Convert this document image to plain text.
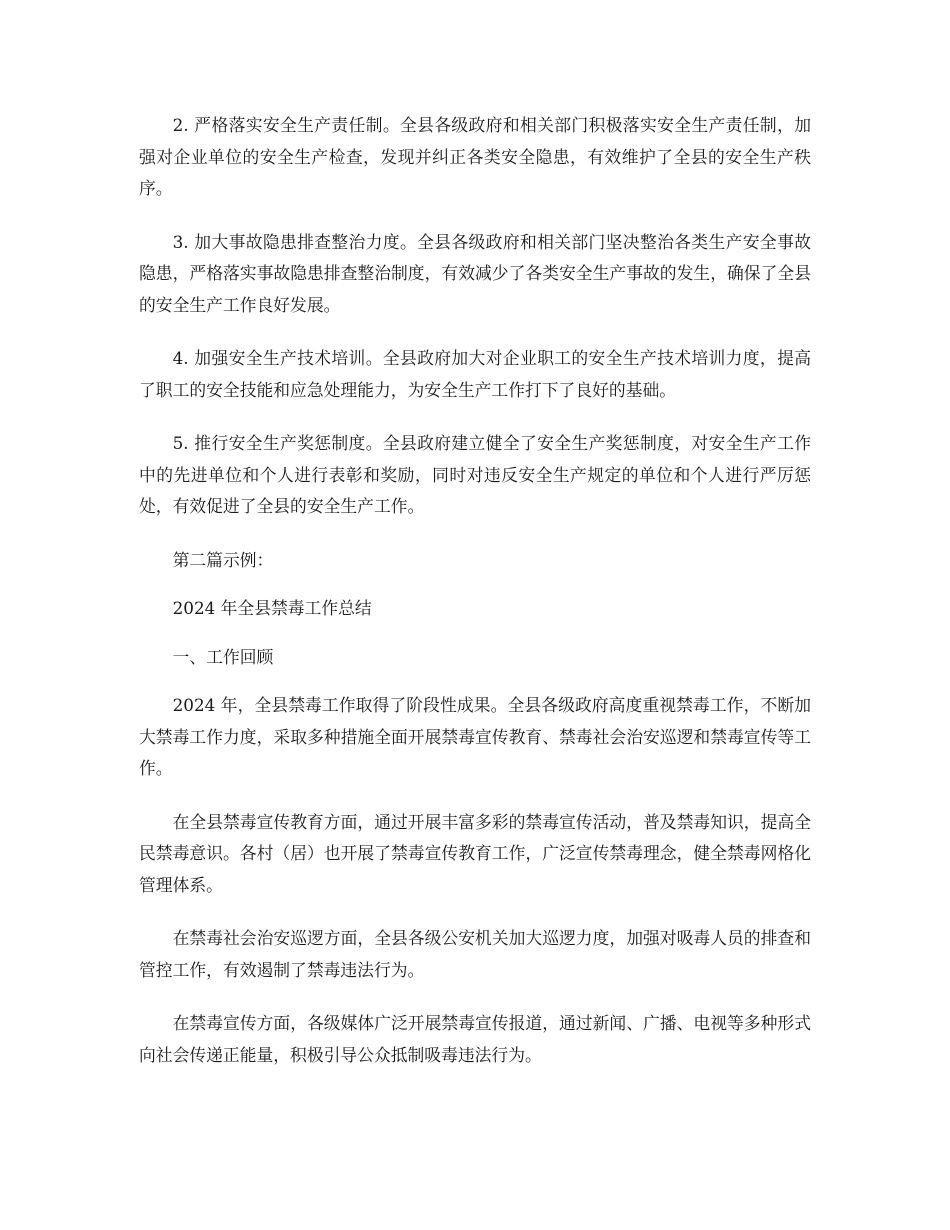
2. 严格落实安全生产责任制。全县各级政府和相关部门积极落实安全生产责任制，加强对企业单位的安全生产检查，发现并纠正各类安全隐患，有效维护了全县的安全生产秩序。

3. 加大事故隐患排查整治力度。全县各级政府和相关部门坚决整治各类生产安全事故隐患，严格落实事故隐患排查整治制度，有效减少了各类安全生产事故的发生，确保了全县的安全生产工作良好发展。

4. 加强安全生产技术培训。全县政府加大对企业职工的安全生产技术培训力度，提高了职工的安全技能和应急处理能力，为安全生产工作打下了良好的基础。

5. 推行安全生产奖惩制度。全县政府建立健全了安全生产奖惩制度，对安全生产工作中的先进单位和个人进行表彰和奖励，同时对违反安全生产规定的单位和个人进行严厉惩处，有效促进了全县的安全生产工作。

第二篇示例：

2024 年全县禁毒工作总结

一、工作回顾

2024 年，全县禁毒工作取得了阶段性成果。全县各级政府高度重视禁毒工作，不断加大禁毒工作力度，采取多种措施全面开展禁毒宣传教育、禁毒社会治安巡逻和禁毒宣传等工作。

在全县禁毒宣传教育方面，通过开展丰富多彩的禁毒宣传活动，普及禁毒知识，提高全民禁毒意识。各村（居）也开展了禁毒宣传教育工作，广泛宣传禁毒理念，健全禁毒网格化管理体系。

在禁毒社会治安巡逻方面，全县各级公安机关加大巡逻力度，加强对吸毒人员的排查和管控工作，有效遏制了禁毒违法行为。

在禁毒宣传方面，各级媒体广泛开展禁毒宣传报道，通过新闻、广播、电视等多种形式向社会传递正能量，积极引导公众抵制吸毒违法行为。
